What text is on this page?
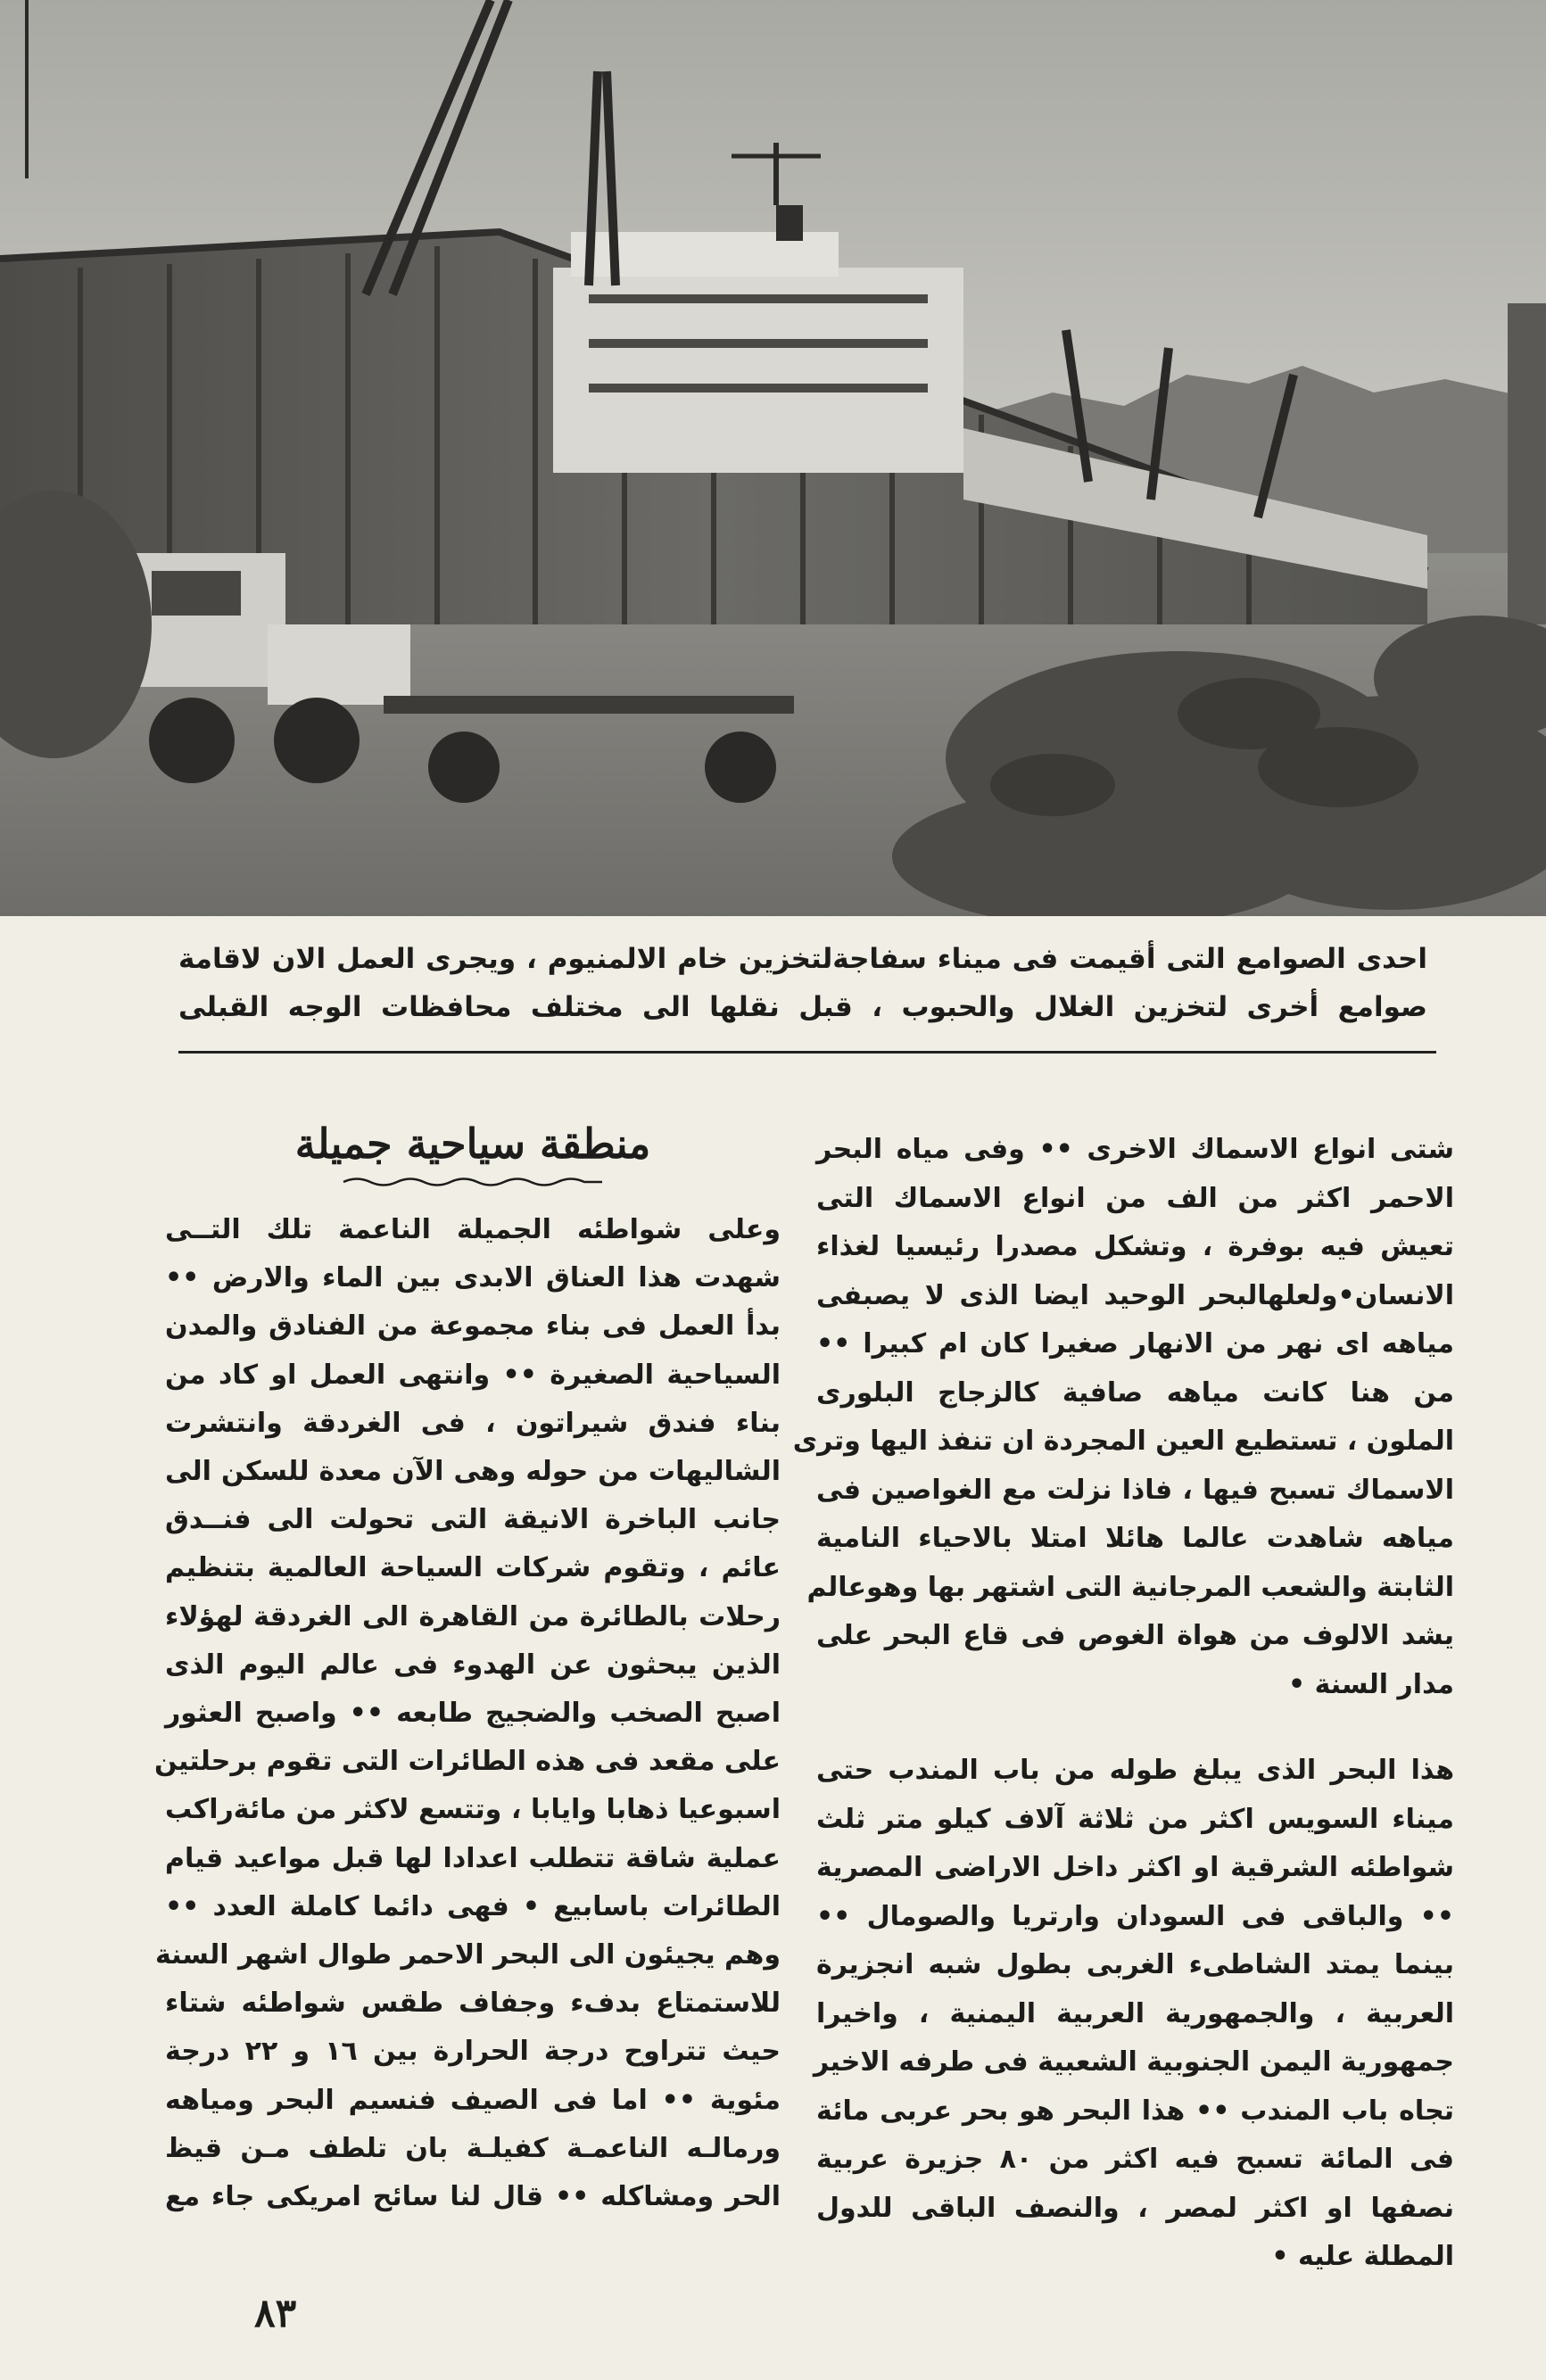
احدى الصوامع التى أقيمت فى ميناء سفاجةلتخزين خام الالمنيوم ، ويجرى العمل الان لاقامة
صوامع أخرى لتخزين الغلال والحبوب ، قبل نقلها الى مختلف محافظات الوجه القبلى

شتى انواع الاسماك الاخرى •• وفى مياه البحر
الاحمر اكثر من الف من انواع الاسماك التى
تعيش فيه بوفرة ، وتشكل مصدرا رئيسيا لغذاء
الانسان•ولعلهالبحر الوحيد ايضا الذى لا يصبفى
مياهه اى نهر من الانهار صغيرا كان ام كبيرا ••
من هنا كانت مياهه صافية كالزجاج البلورى
الملون ، تستطيع العين المجردة ان تنفذ اليها وترى
الاسماك تسبح فيها ، فاذا نزلت مع الغواصين فى
مياهه شاهدت عالما هائلا امتلا بالاحياء النامية
الثابتة والشعب المرجانية التى اشتهر بها وهوعالم
يشد الالوف من هواة الغوص فى قاع البحر على
مدار السنة •

هذا البحر الذى يبلغ طوله من باب المندب حتى
ميناء السويس اكثر من ثلاثة آلاف كيلو متر ثلث
شواطئه الشرقية او اكثر داخل الاراضى المصرية
•• والباقى فى السودان وارتريا والصومال ••
بينما يمتد الشاطىء الغربى بطول شبه انجزيرة
العربية ، والجمهورية العربية اليمنية ، واخيرا
جمهورية اليمن الجنوبية الشعبية فى طرفه الاخير
تجاه باب المندب •• هذا البحر هو بحر عربى مائة
فى المائة تسبح فيه اكثر من ٨٠ جزيرة عربية
نصفها او اكثر لمصر ، والنصف الباقى للدول
المطلة عليه •

منطقة سياحية جميلة

وعلى شواطئه الجميلة الناعمة تلك التــى
شهدت هذا العناق الابدى بين الماء والارض ••
بدأ العمل فى بناء مجموعة من الفنادق والمدن
السياحية الصغيرة •• وانتهى العمل او كاد من
بناء فندق شيراتون ، فى الغردقة وانتشرت
الشاليهات من حوله وهى الآن معدة للسكن الى
جانب الباخرة الانيقة التى تحولت الى فنــدق
عائم ، وتقوم شركات السياحة العالمية بتنظيم
رحلات بالطائرة من القاهرة الى الغردقة لهؤلاء
الذين يبحثون عن الهدوء فى عالم اليوم الذى
اصبح الصخب والضجيج طابعه •• واصبح العثور
على مقعد فى هذه الطائرات التى تقوم برحلتين
اسبوعيا ذهابا وايابا ، وتتسع لاكثر من مائةراكب
عملية شاقة تتطلب اعدادا لها قبل مواعيد قيام
الطائرات باسابيع • فهى دائما كاملة العدد ••
وهم يجيئون الى البحر الاحمر طوال اشهر السنة
للاستمتاع بدفء وجفاف طقس شواطئه شتاء
حيث تتراوح درجة الحرارة بين ١٦ و ٢٢ درجة
مئوية •• اما فى الصيف فنسيم البحر ومياهه
ورمالـه الناعمـة كفيلـة بان تلطف مـن قيظ
الحر ومشاكله •• قال لنا سائح امريكى جاء مع

٨٣
